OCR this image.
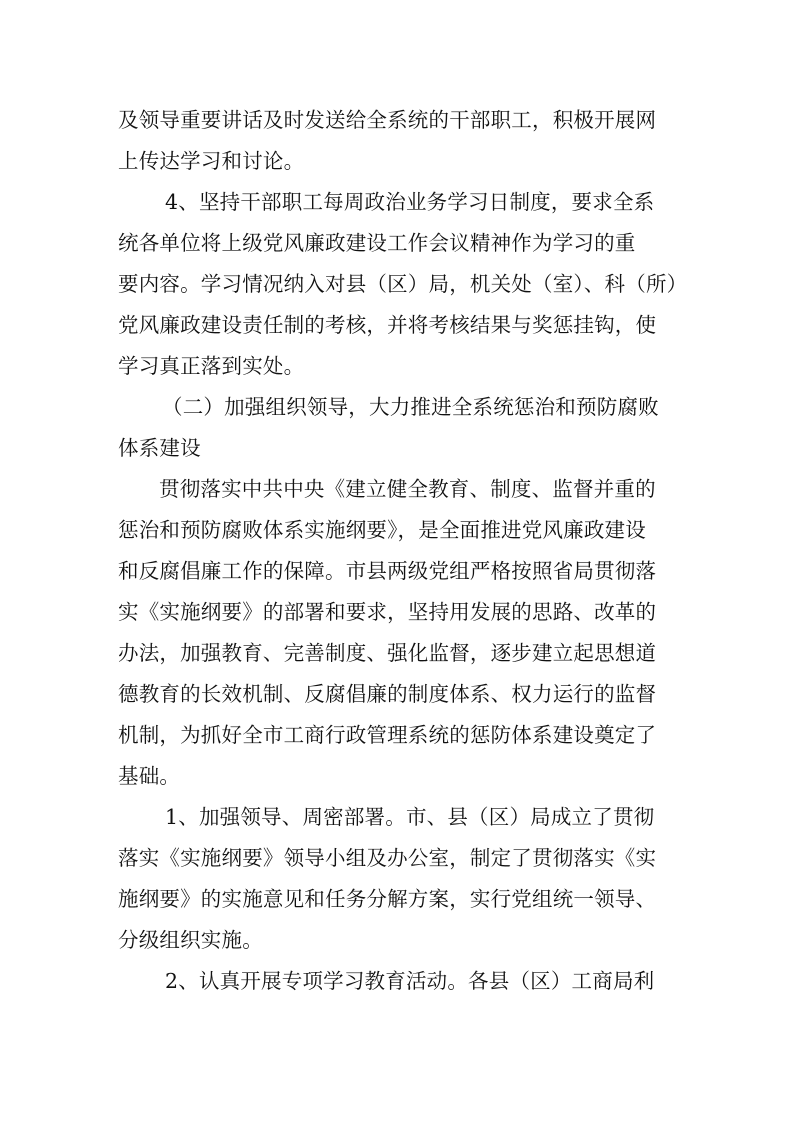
及领导重要讲话及时发送给全系统的干部职工，积极开展网
上传达学习和讨论。
4、坚持干部职工每周政治业务学习日制度，要求全系
统各单位将上级党风廉政建设工作会议精神作为学习的重
要内容。学习情况纳入对县（区）局，机关处（室）、科（所）
党风廉政建设责任制的考核，并将考核结果与奖惩挂钩，使
学习真正落到实处。
（二）加强组织领导，大力推进全系统惩治和预防腐败
体系建设
贯彻落实中共中央《建立健全教育、制度、监督并重的
惩治和预防腐败体系实施纲要》，是全面推进党风廉政建设
和反腐倡廉工作的保障。市县两级党组严格按照省局贯彻落
实《实施纲要》的部署和要求，坚持用发展的思路、改革的
办法，加强教育、完善制度、强化监督，逐步建立起思想道
德教育的长效机制、反腐倡廉的制度体系、权力运行的监督
机制，为抓好全市工商行政管理系统的惩防体系建设奠定了
基础。
1、加强领导、周密部署。市、县（区）局成立了贯彻
落实《实施纲要》领导小组及办公室，制定了贯彻落实《实
施纲要》的实施意见和任务分解方案，实行党组统一领导、
分级组织实施。
2、认真开展专项学习教育活动。各县（区）工商局利
